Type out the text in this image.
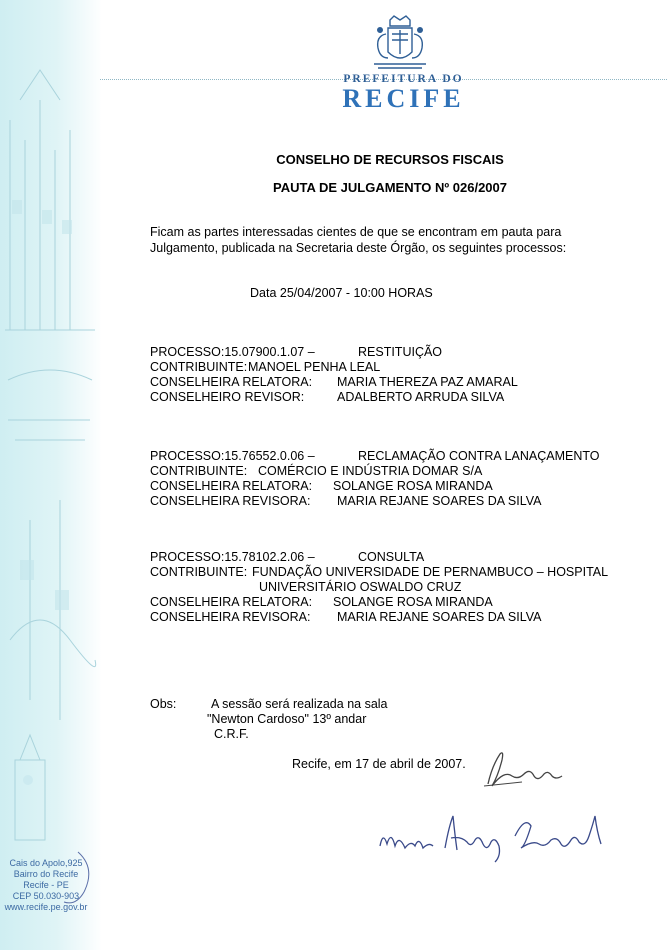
PREFEITURA DO
RECIFE
CONSELHO DE RECURSOS FISCAIS
PAUTA DE JULGAMENTO Nº 026/2007
Ficam as partes interessadas cientes de que se encontram em pauta para
Julgamento, publicada na Secretaria deste Órgão, os seguintes processos:
Data 25/04/2007 - 10:00 HORAS
PROCESSO:15.07900.1.07 –	RESTITUIÇÃO
CONTRIBUINTE: MANOEL PENHA LEAL
CONSELHEIRA RELATORA: MARIA THEREZA PAZ AMARAL
CONSELHEIRO REVISOR:	ADALBERTO ARRUDA SILVA
PROCESSO:15.76552.0.06 –	RECLAMAÇÃO CONTRA LANAÇAMENTO
CONTRIBUINTE: COMÉRCIO E INDÚSTRIA DOMAR S/A
CONSELHEIRA RELATORA: SOLANGE ROSA MIRANDA
CONSELHEIRA REVISORA: MARIA REJANE SOARES DA SILVA
PROCESSO:15.78102.2.06 –	CONSULTA
CONTRIBUINTE: FUNDAÇÃO UNIVERSIDADE DE PERNAMBUCO – HOSPITAL
UNIVERSITÁRIO OSWALDO CRUZ
CONSELHEIRA RELATORA: SOLANGE ROSA MIRANDA
CONSELHEIRA REVISORA: MARIA REJANE SOARES DA SILVA
Obs:	A sessão será realizada na sala
"Newton Cardoso" 13º andar
C.R.F.
Recife, em 17 de abril de 2007.
Cais do Apolo,925
Bairro do Recife
Recife - PE
CEP 50.030-903
www.recife.pe.gov.br
